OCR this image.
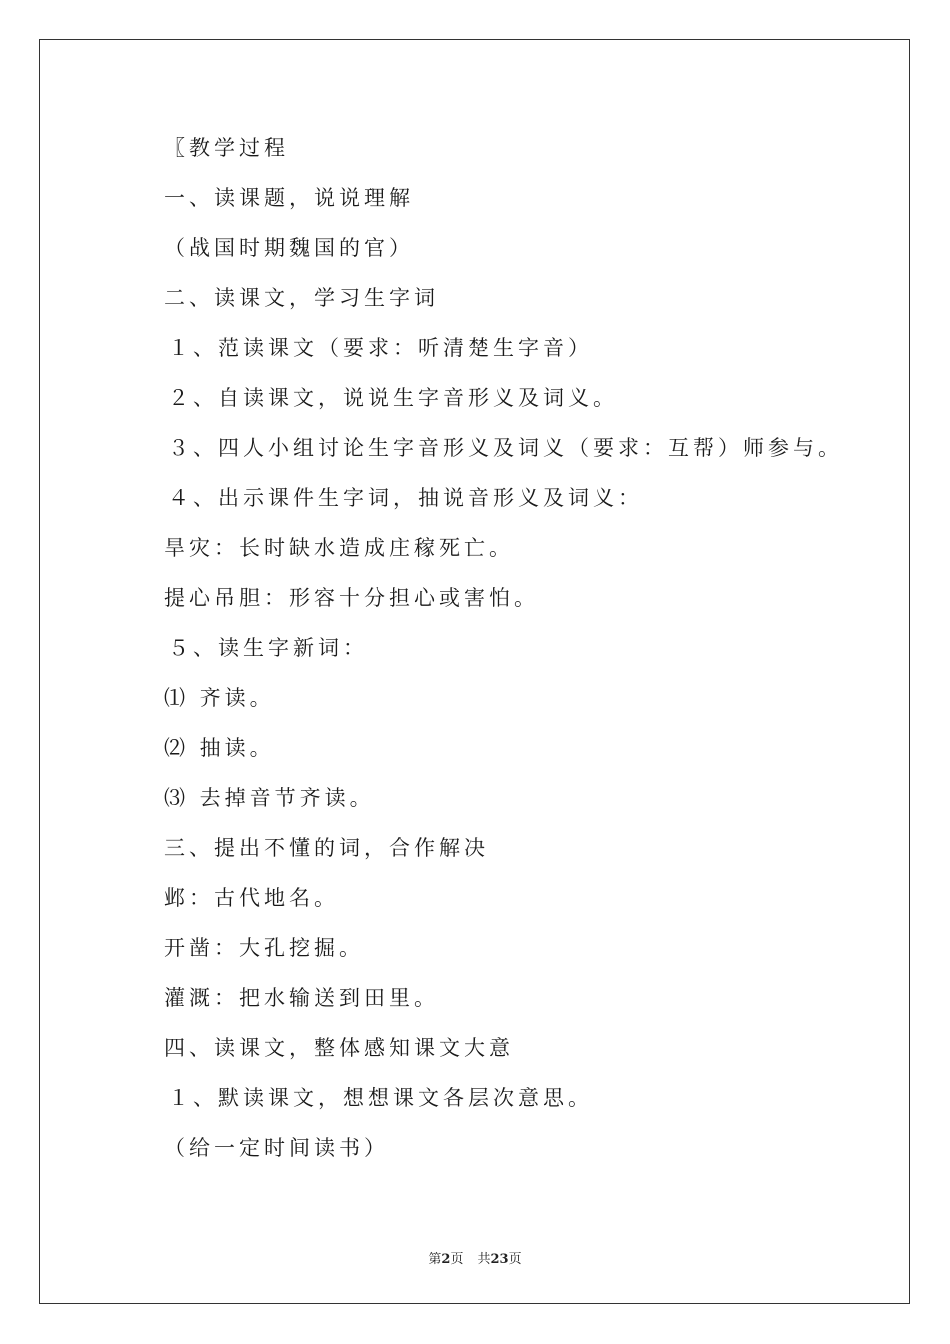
〖教学过程
一、读课题，说说理解
（战国时期魏国的官）
二、读课文，学习生字词
１、范读课文（要求：听清楚生字音）
２、自读课文，说说生字音形义及词义。
３、四人小组讨论生字音形义及词义（要求：互帮）师参与。
４、出示课件生字词，抽说音形义及词义：
旱灾：长时缺水造成庄稼死亡。
提心吊胆：形容十分担心或害怕。
５、读生字新词：
⑴ 齐读。
⑵ 抽读。
⑶ 去掉音节齐读。
三、提出不懂的词，合作解决
邺：古代地名。
开凿：大孔挖掘。
灌溉：把水输送到田里。
四、读课文，整体感知课文大意
１、默读课文，想想课文各层次意思。
（给一定时间读书）
第2页 共23页
